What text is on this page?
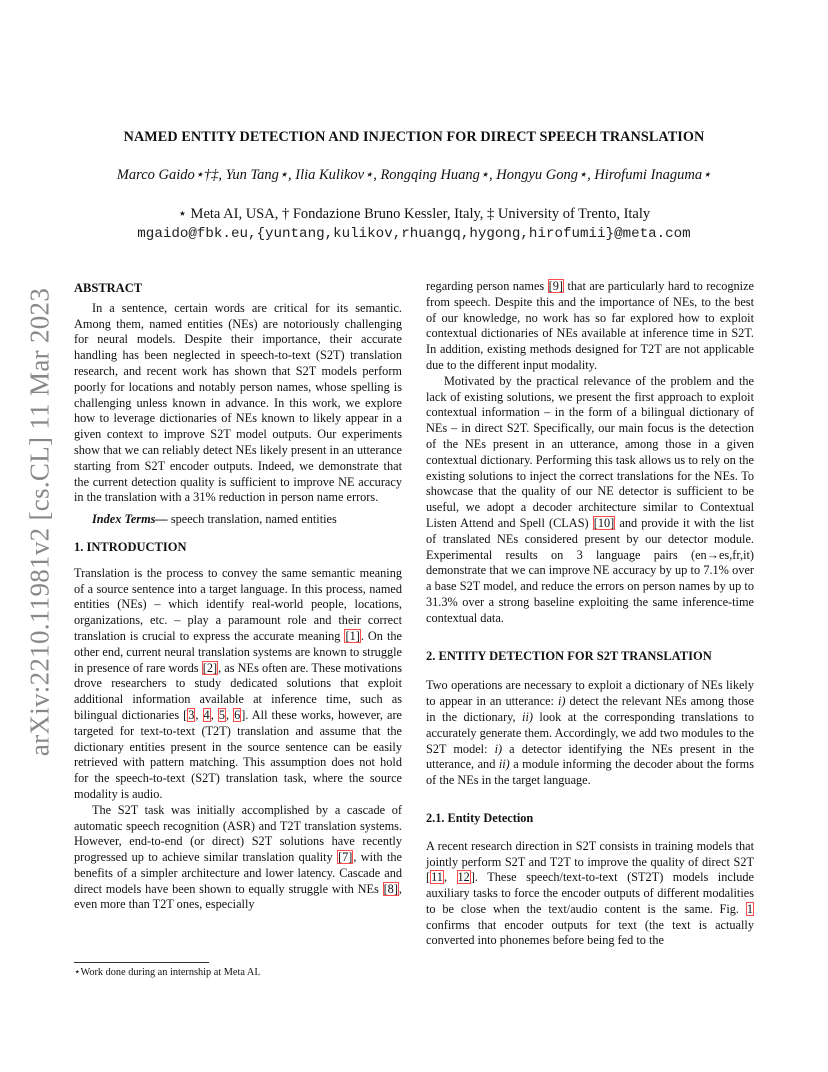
arXiv:2210.11981v2 [cs.CL] 11 Mar 2023
NAMED ENTITY DETECTION AND INJECTION FOR DIRECT SPEECH TRANSLATION
Marco Gaido⋆†‡, Yun Tang⋆, Ilia Kulikov⋆, Rongqing Huang⋆, Hongyu Gong⋆, Hirofumi Inaguma⋆
⋆ Meta AI, USA, † Fondazione Bruno Kessler, Italy, ‡ University of Trento, Italy
mgaido@fbk.eu,{yuntang,kulikov,rhuangq,hygong,hirofumii}@meta.com

ABSTRACT

In a sentence, certain words are critical for its semantic. Among them, named entities (NEs) are notoriously challenging for neural models. Despite their importance, their accurate handling has been neglected in speech-to-text (S2T) translation research, and recent work has shown that S2T models perform poorly for locations and notably person names, whose spelling is challenging unless known in advance. In this work, we explore how to leverage dictionaries of NEs known to likely appear in a given context to improve S2T model outputs. Our experiments show that we can reliably detect NEs likely present in an utterance starting from S2T encoder outputs. Indeed, we demonstrate that the current detection quality is sufficient to improve NE accuracy in the translation with a 31% reduction in person name errors.

Index Terms— speech translation, named entities

1. INTRODUCTION

Translation is the process to convey the same semantic meaning of a source sentence into a target language. In this process, named entities (NEs) – which identify real-world people, locations, organizations, etc. – play a paramount role and their correct translation is crucial to express the accurate meaning [1]. On the other end, current neural translation systems are known to struggle in presence of rare words [2], as NEs often are. These motivations drove researchers to study dedicated solutions that exploit additional information available at inference time, such as bilingual dictionaries [3, 4, 5, 6]. All these works, however, are targeted for text-to-text (T2T) translation and assume that the dictionary entities present in the source sentence can be easily retrieved with pattern matching. This assumption does not hold for the speech-to-text (S2T) translation task, where the source modality is audio.

The S2T task was initially accomplished by a cascade of automatic speech recognition (ASR) and T2T translation systems. However, end-to-end (or direct) S2T solutions have recently progressed up to achieve similar translation quality [7], with the benefits of a simpler architecture and lower latency. Cascade and direct models have been shown to equally struggle with NEs [8], even more than T2T ones, especially

⋆Work done during an internship at Meta AI.

regarding person names [9] that are particularly hard to recognize from speech. Despite this and the importance of NEs, to the best of our knowledge, no work has so far explored how to exploit contextual dictionaries of NEs available at inference time in S2T. In addition, existing methods designed for T2T are not applicable due to the different input modality.

Motivated by the practical relevance of the problem and the lack of existing solutions, we present the first approach to exploit contextual information – in the form of a bilingual dictionary of NEs – in direct S2T. Specifically, our main focus is the detection of the NEs present in an utterance, among those in a given contextual dictionary. Performing this task allows us to rely on the existing solutions to inject the correct translations for the NEs. To showcase that the quality of our NE detector is sufficient to be useful, we adopt a decoder architecture similar to Contextual Listen Attend and Spell (CLAS) [10] and provide it with the list of translated NEs considered present by our detector module. Experimental results on 3 language pairs (en→es,fr,it) demonstrate that we can improve NE accuracy by up to 7.1% over a base S2T model, and reduce the errors on person names by up to 31.3% over a strong baseline exploiting the same inference-time contextual data.

2. ENTITY DETECTION FOR S2T TRANSLATION

Two operations are necessary to exploit a dictionary of NEs likely to appear in an utterance: i) detect the relevant NEs among those in the dictionary, ii) look at the corresponding translations to accurately generate them. Accordingly, we add two modules to the S2T model: i) a detector identifying the NEs present in the utterance, and ii) a module informing the decoder about the forms of the NEs in the target language.

2.1. Entity Detection

A recent research direction in S2T consists in training models that jointly perform S2T and T2T to improve the quality of direct S2T [11, 12]. These speech/text-to-text (ST2T) models include auxiliary tasks to force the encoder outputs of different modalities to be close when the text/audio content is the same. Fig. 1 confirms that encoder outputs for text (the text is actually converted into phonemes before being fed to the
